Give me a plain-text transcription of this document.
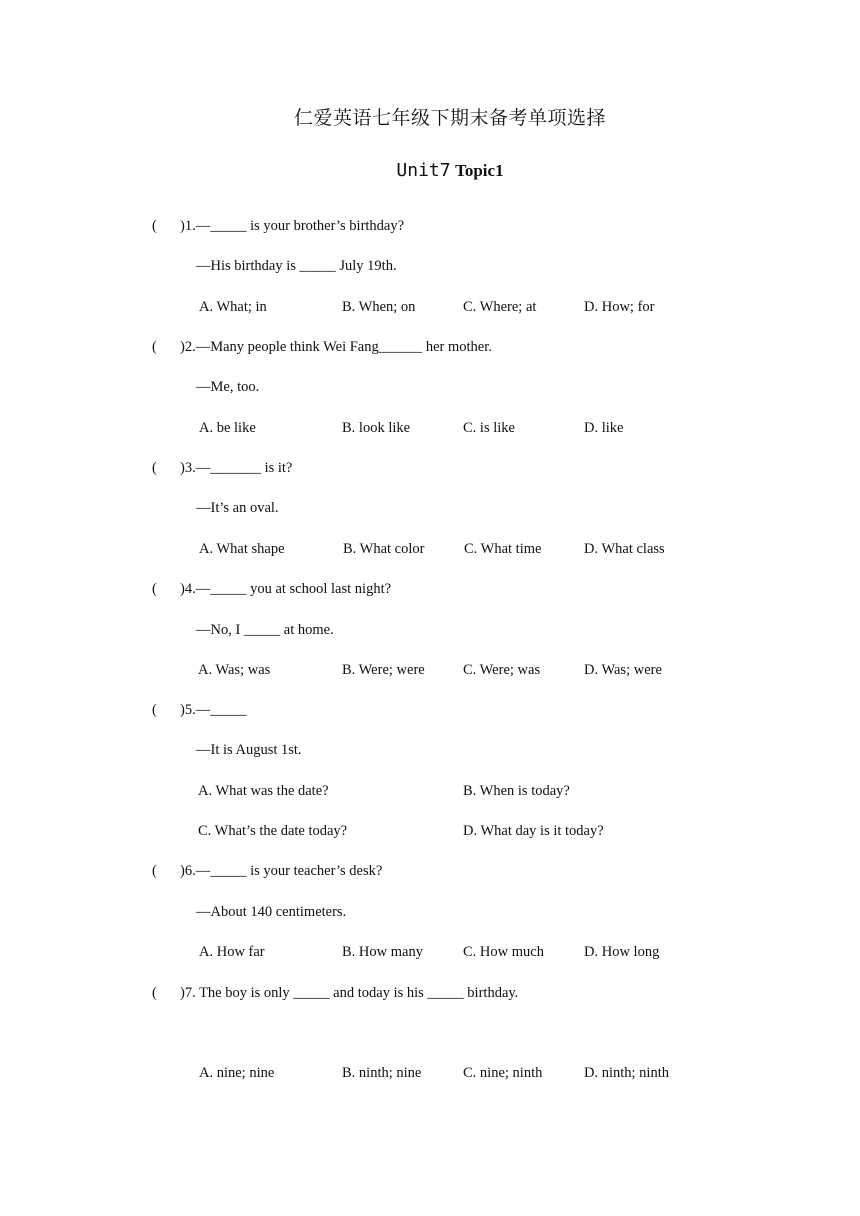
仁爱英语七年级下期末备考单项选择
Unit7 Topic1
( )1.—_____ is your brother’s birthday?
—His birthday is _____ July 19th.
A. What; in	B. When; on	C. Where; at	D. How; for
( )2.—Many people think Wei Fang______ her mother.
—Me, too.
A. be like	B. look like	C. is like	D. like
( )3.—_______ is it?
—It’s an oval.
A. What shape	B. What color	C. What time	D. What class
( )4.—_____ you at school last night?
—No, I _____ at home.
A. Was; was	B. Were; were	C. Were; was	D. Was; were
( )5.—_____
—It is August 1st.
A. What was the date?	B. When is today?
C. What’s the date today?	D. What day is it today?
( )6.—_____ is your teacher’s desk?
—About 140 centimeters.
A. How far	B. How many	C. How much	D. How long
( )7. The boy is only _____ and today is his _____ birthday.
A. nine; nine	B. ninth; nine	C. nine; ninth	D. ninth; ninth
